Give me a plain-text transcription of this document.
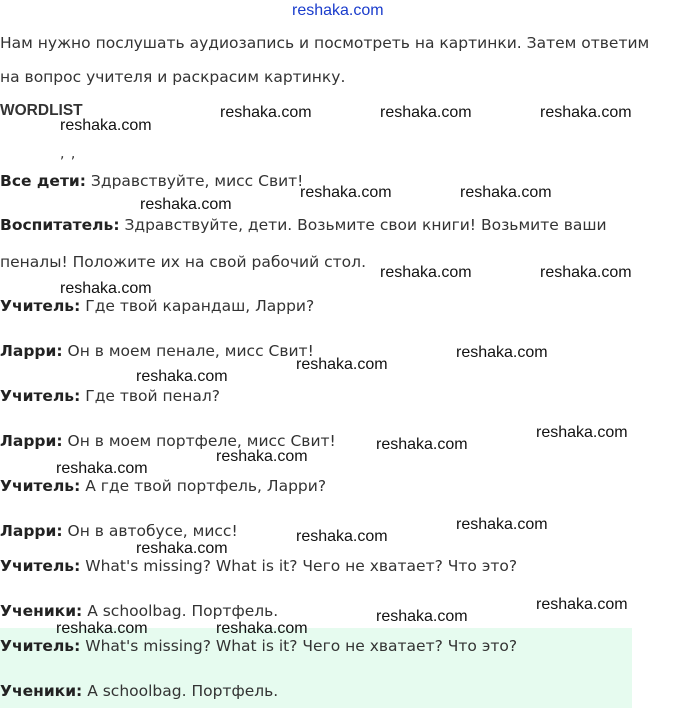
reshaka.com
Нам нужно послушать аудиозапись и посмотреть на картинки. Затем ответим
на вопрос учителя и раскрасим картинку.
WORDLIST
, ,
Все дети: Здравствуйте, мисс Свит!
Воспитатель: Здравствуйте, дети. Возьмите свои книги! Возьмите ваши
пеналы! Положите их на свой рабочий стол.
Учитель: Где твой карандаш, Ларри?
Ларри: Он в моем пенале, мисс Свит!
Учитель: Где твой пенал?
Ларри: Он в моем портфеле, мисс Свит!
Учитель: А где твой портфель, Ларри?
Ларри: Он в автобусе, мисс!
Учитель: What's missing? What is it? Чего не хватает? Что это?
Ученики: A schoolbag. Портфель.
Учитель: What's missing? What is it? Чего не хватает? Что это?
Ученики: A schoolbag. Портфель.
reshaka.com	reshaka.com	reshaka.com
reshaka.com
reshaka.com	reshaka.com
reshaka.com
reshaka.com	reshaka.com
reshaka.com
reshaka.com
reshaka.com
reshaka.com
reshaka.com
reshaka.com
reshaka.com
reshaka.com
reshaka.com
reshaka.com
reshaka.com
reshaka.com
reshaka.com
reshaka.com	reshaka.com
